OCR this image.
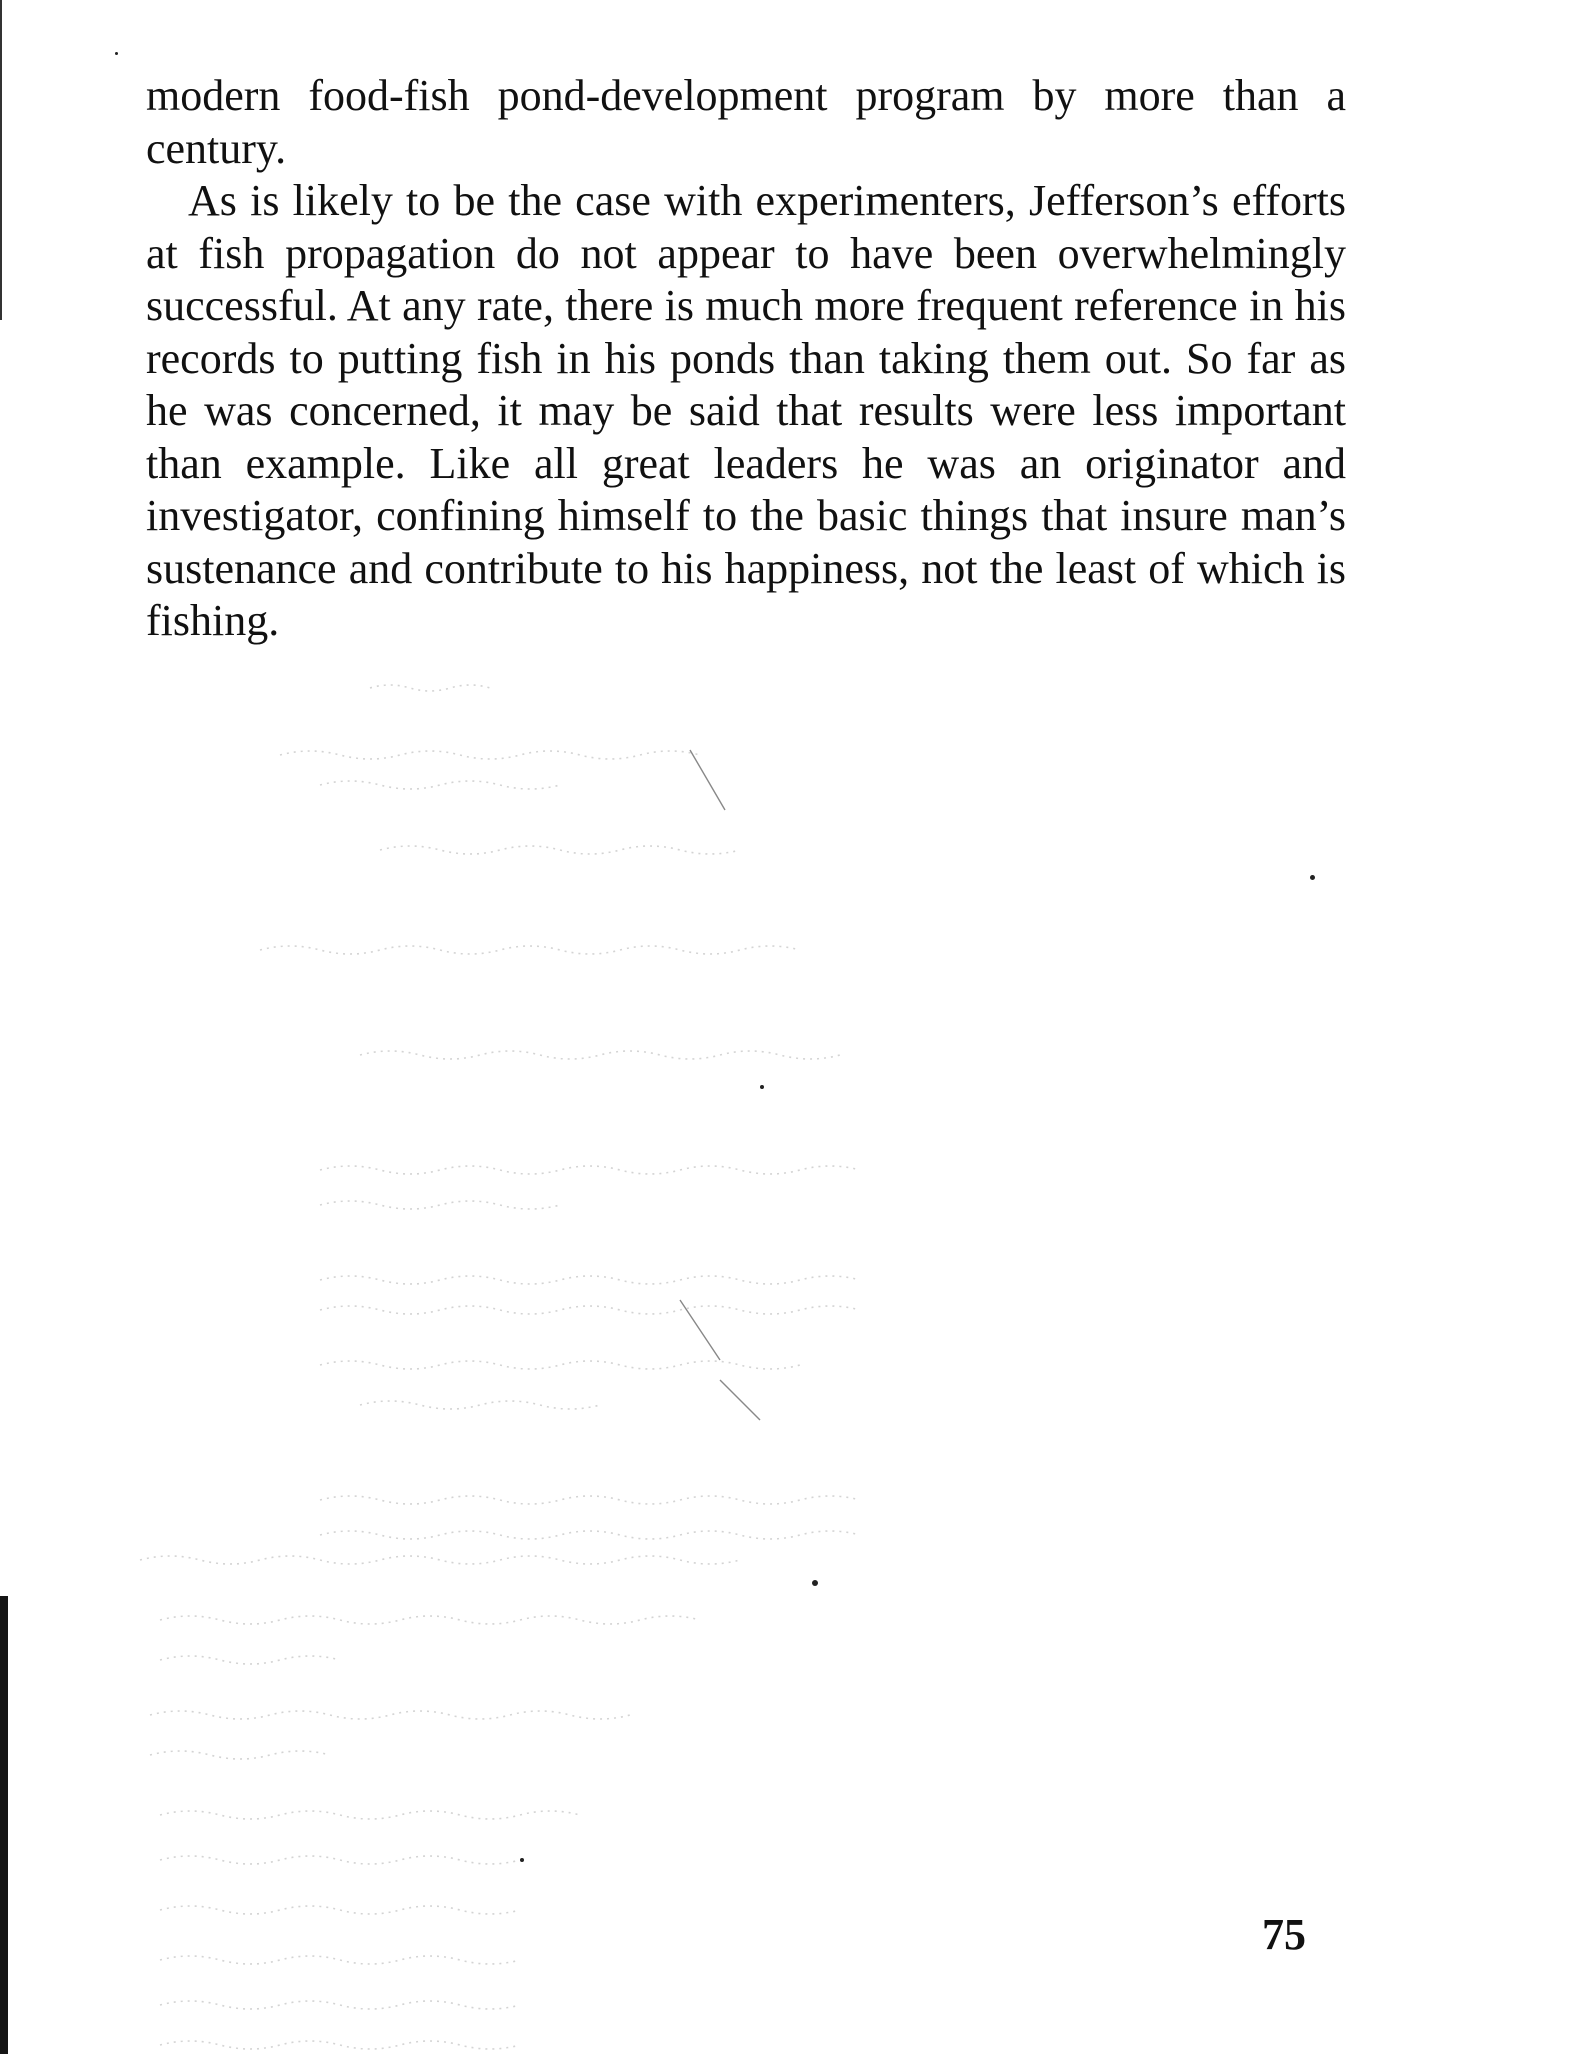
modern food-fish pond-development program by more than a century.

As is likely to be the case with experimenters, Jefferson’s efforts at fish propagation do not appear to have been overwhelmingly successful. At any rate, there is much more frequent reference in his records to putting fish in his ponds than taking them out. So far as he was concerned, it may be said that results were less important than example. Like all great leaders he was an originator and investigator, confining himself to the basic things that insure man’s sustenance and contribute to his happiness, not the least of which is fishing.

75
